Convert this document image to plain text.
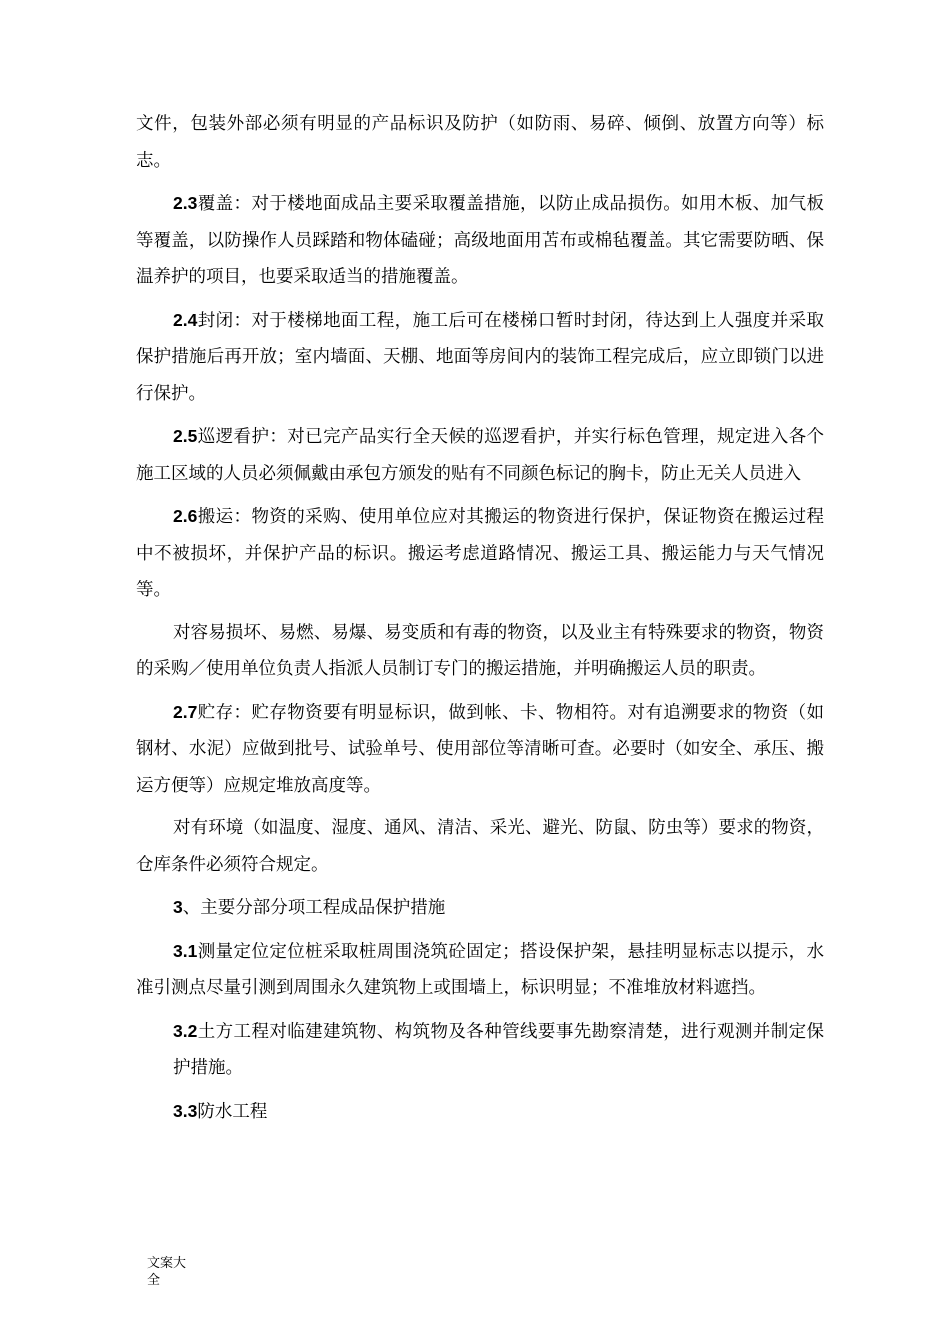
文件，包装外部必须有明显的产品标识及防护（如防雨、易碎、倾倒、放置方向等）标志。

2.3覆盖：对于楼地面成品主要采取覆盖措施，以防止成品损伤。如用木板、加气板等覆盖，以防操作人员踩踏和物体磕碰；高级地面用苫布或棉毡覆盖。其它需要防晒、保温养护的项目，也要采取适当的措施覆盖。

2.4封闭：对于楼梯地面工程，施工后可在楼梯口暂时封闭，待达到上人强度并采取保护措施后再开放；室内墙面、天棚、地面等房间内的装饰工程完成后，应立即锁门以进行保护。

2.5巡逻看护：对已完产品实行全天候的巡逻看护，并实行标色管理，规定进入各个施工区域的人员必须佩戴由承包方颁发的贴有不同颜色标记的胸卡，防止无关人员进入

2.6搬运：物资的采购、使用单位应对其搬运的物资进行保护，保证物资在搬运过程中不被损坏，并保护产品的标识。搬运考虑道路情况、搬运工具、搬运能力与天气情况等。

对容易损坏、易燃、易爆、易变质和有毒的物资，以及业主有特殊要求的物资，物资的采购／使用单位负责人指派人员制订专门的搬运措施，并明确搬运人员的职责。

2.7贮存：贮存物资要有明显标识，做到帐、卡、物相符。对有追溯要求的物资（如钢材、水泥）应做到批号、试验单号、使用部位等清晰可查。必要时（如安全、承压、搬运方便等）应规定堆放高度等。

对有环境（如温度、湿度、通风、清洁、采光、避光、防鼠、防虫等）要求的物资，仓库条件必须符合规定。

3、主要分部分项工程成品保护措施

3.1测量定位定位桩采取桩周围浇筑砼固定；搭设保护架，悬挂明显标志以提示，水准引测点尽量引测到周围永久建筑物上或围墙上，标识明显；不准堆放材料遮挡。

3.2土方工程对临建建筑物、构筑物及各种管线要事先勘察清楚，进行观测并制定保护措施。

3.3防水工程

文案大全
